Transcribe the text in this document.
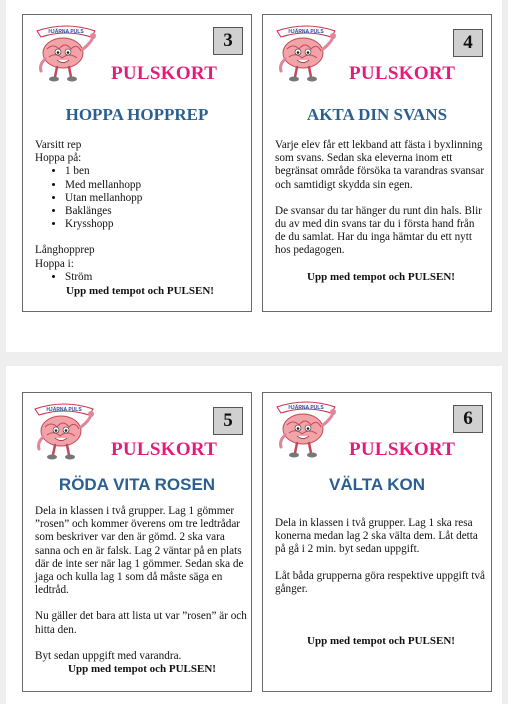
3
PULSKORT
HOPPA HOPPREP

Varsitt rep

Hoppa på:

• 1 ben
• Med mellanhopp
• Utan mellanhopp
• Baklänges
• Krysshopp

Långhopprep

Hoppa i:

• Ström

Upp med tempot och PULSEN!

4
PULSKORT
AKTA DIN SVANS

Varje elev får ett lekband att fästa i byxlinning som svans. Sedan ska eleverna inom ett begränsat område försöka ta varandras svansar och samtidigt skydda sin egen.

De svansar du tar hänger du runt din hals. Blir du av med din svans tar du i första hand från de du samlat. Har du inga hämtar du ett nytt hos pedagogen.

Upp med tempot och PULSEN!

5
PULSKORT
RÖDA VITA ROSEN

Dela in klassen i två grupper. Lag 1 gömmer ”rosen” och kommer överens om tre ledtrådar som beskriver var den är gömd. 2 ska vara sanna och en är falsk. Lag 2 väntar på en plats där de inte ser när lag 1 gömmer. Sedan ska de jaga och kulla lag 1 som då måste säga en ledtråd.

Nu gäller det bara att lista ut var ”rosen” är och hitta den.

Byt sedan uppgift med varandra.

Upp med tempot och PULSEN!

6
PULSKORT
VÄLTA KON

Dela in klassen i två grupper. Lag 1 ska resa konerna medan lag 2 ska välta dem. Låt detta på gå i 2 min. byt sedan uppgift.

Låt båda grupperna göra respektive uppgift två gånger.

Upp med tempot och PULSEN!
